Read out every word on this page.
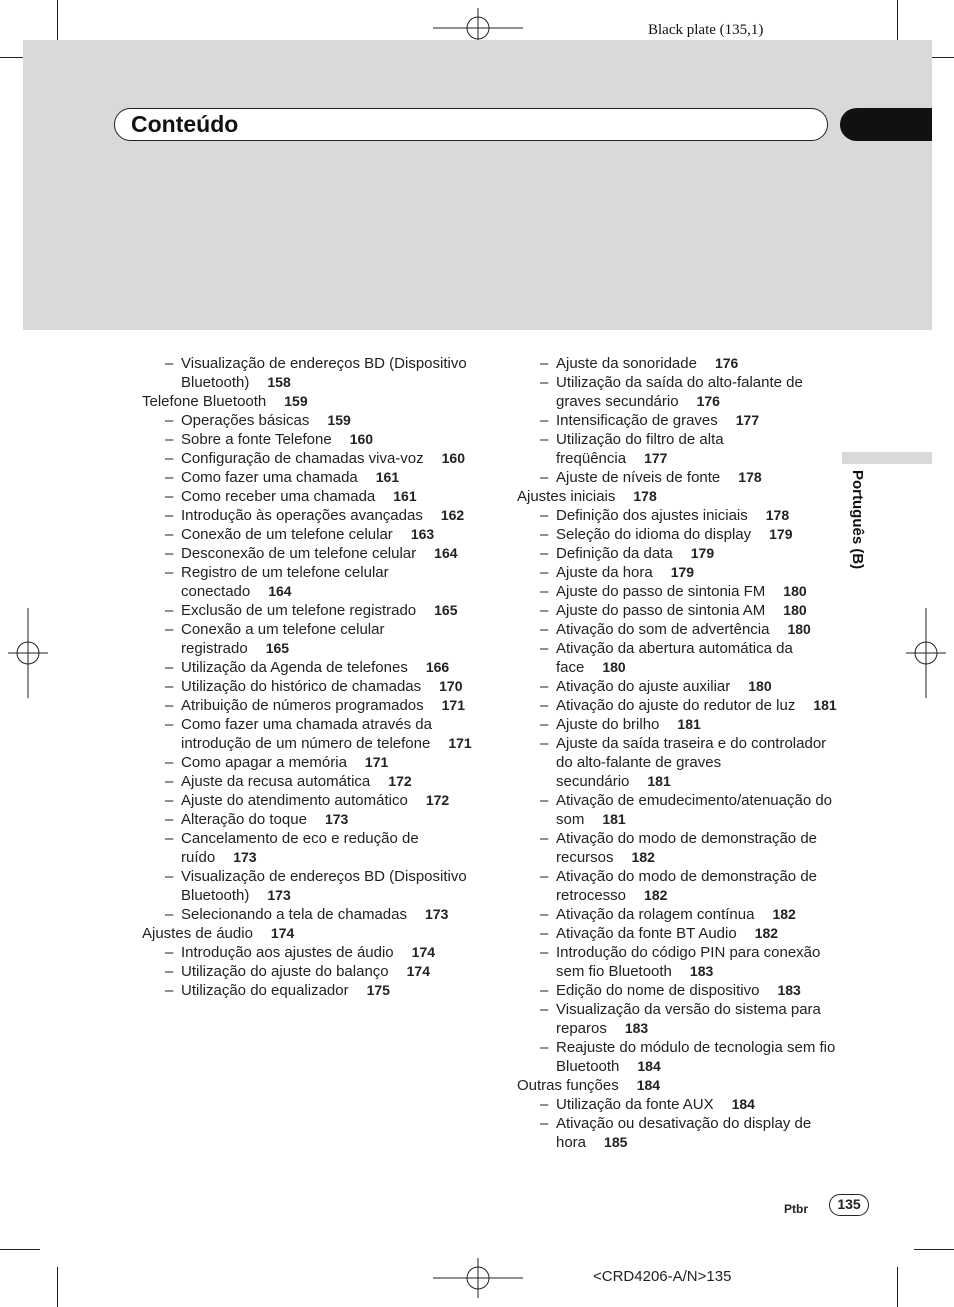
Black plate (135,1)
Conteúdo
Português (B)
– Visualização de endereços BD (Dispositivo Bluetooth) 158
Telefone Bluetooth 159
– Operações básicas 159
– Sobre a fonte Telefone 160
– Configuração de chamadas viva-voz 160
– Como fazer uma chamada 161
– Como receber uma chamada 161
– Introdução às operações avançadas 162
– Conexão de um telefone celular 163
– Desconexão de um telefone celular 164
– Registro de um telefone celular conectado 164
– Exclusão de um telefone registrado 165
– Conexão a um telefone celular registrado 165
– Utilização da Agenda de telefones 166
– Utilização do histórico de chamadas 170
– Atribuição de números programados 171
– Como fazer uma chamada através da introdução de um número de telefone 171
– Como apagar a memória 171
– Ajuste da recusa automática 172
– Ajuste do atendimento automático 172
– Alteração do toque 173
– Cancelamento de eco e redução de ruído 173
– Visualização de endereços BD (Dispositivo Bluetooth) 173
– Selecionando a tela de chamadas 173
Ajustes de áudio 174
– Introdução aos ajustes de áudio 174
– Utilização do ajuste do balanço 174
– Utilização do equalizador 175
– Ajuste da sonoridade 176
– Utilização da saída do alto-falante de graves secundário 176
– Intensificação de graves 177
– Utilização do filtro de alta freqüência 177
– Ajuste de níveis de fonte 178
Ajustes iniciais 178
– Definição dos ajustes iniciais 178
– Seleção do idioma do display 179
– Definição da data 179
– Ajuste da hora 179
– Ajuste do passo de sintonia FM 180
– Ajuste do passo de sintonia AM 180
– Ativação do som de advertência 180
– Ativação da abertura automática da face 180
– Ativação do ajuste auxiliar 180
– Ativação do ajuste do redutor de luz 181
– Ajuste do brilho 181
– Ajuste da saída traseira e do controlador do alto-falante de graves secundário 181
– Ativação de emudecimento/atenuação do som 181
– Ativação do modo de demonstração de recursos 182
– Ativação do modo de demonstração de retrocesso 182
– Ativação da rolagem contínua 182
– Ativação da fonte BT Audio 182
– Introdução do código PIN para conexão sem fio Bluetooth 183
– Edição do nome de dispositivo 183
– Visualização da versão do sistema para reparos 183
– Reajuste do módulo de tecnologia sem fio Bluetooth 184
Outras funções 184
– Utilização da fonte AUX 184
– Ativação ou desativação do display de hora 185
Ptbr	135
<CRD4206-A/N>135
